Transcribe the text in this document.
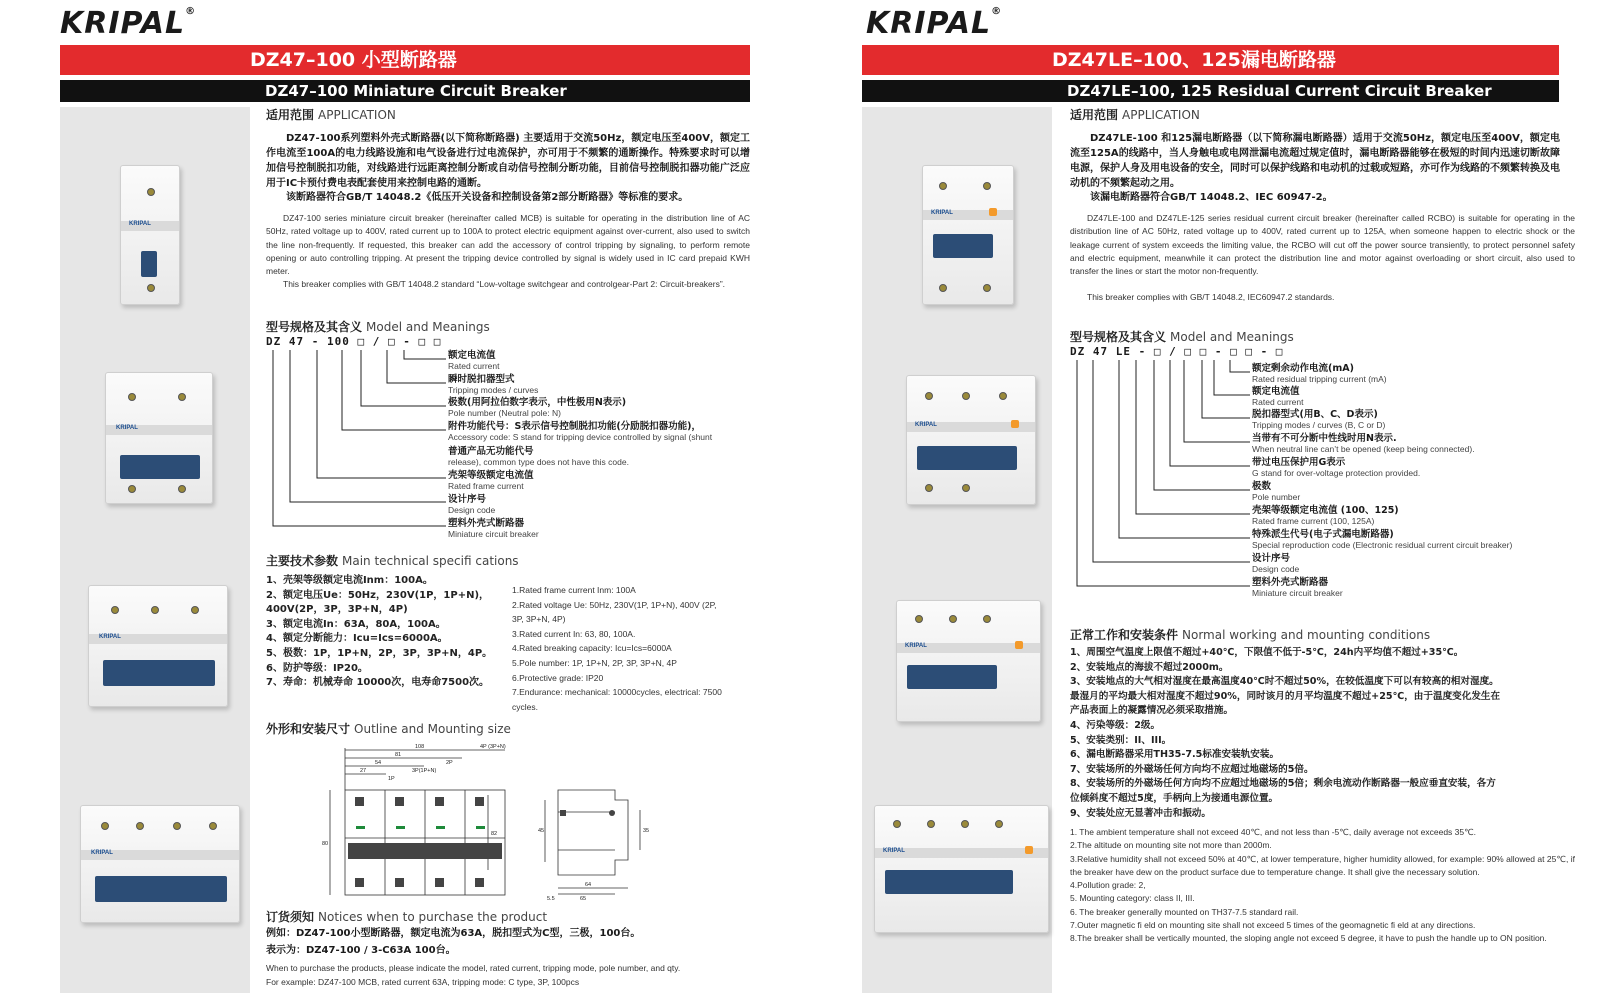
KRIPAL®
DZ47–100 小型断路器
DZ47–100 Miniature Circuit Breaker
KRIPAL
KRIPAL
KRIPAL
KRIPAL
适用范围 APPLICATION
DZ47-100系列塑料外壳式断路器(以下简称断路器) 主要适用于交流50Hz，额定电压至400V，额定工作电流至100A的电力线路设施和电气设备进行过电流保护，亦可用于不频繁的通断操作。特殊要求时可以增加信号控制脱扣功能，对线路进行远距离控制分断或自动信号控制分断功能，目前信号控制脱扣器功能广泛应用于IC卡预付费电表配套使用来控制电路的通断。
该断路器符合GB/T 14048.2《低压开关设备和控制设备第2部分断路器》等标准的要求。
DZ47-100 series miniature circuit breaker (hereinafter called MCB) is suitable for operating in the distribution line of AC 50Hz, rated voltage up to 400V, rated current up to 100A to protect electric equipment against over-current, also used to switch the line non-frequently. If requested, this breaker can add the accessory of control tripping by signaling, to perform remote opening or auto controlling tripping. At present the tripping device controlled by signal is widely used in IC card prepaid KWH meter.
This breaker complies with GB/T 14048.2 standard “Low-voltage switchgear and controlgear-Part 2: Circuit-breakers”.
型号规格及其含义 Model and Meanings
DZ 47 - 100 □ / □ - □ □
额定电流值
Rated current
瞬时脱扣器型式
Tripping modes / curves
极数(用阿拉伯数字表示，中性极用N表示)
Pole number (Neutral pole: N)
附件功能代号：S表示信号控制脱扣功能(分励脱扣器功能)，
Accessory code: S stand for tripping device controlled by signal (shunt
普通产品无功能代号
release), common type does not have this code.
壳架等级额定电流值
Rated frame current
设计序号
Design code
塑料外壳式断路器
Miniature circuit breaker
主要技术参数 Main technical specifi cations
1、壳架等级额定电流Inm：100A。
2、额定电压Ue：50Hz，230V(1P，1P+N)，
400V(2P，3P，3P+N，4P)
3、额定电流In：63A，80A，100A。
4、额定分断能力：Icu=Ics=6000A。
5、极数：1P，1P+N，2P，3P，3P+N，4P。
6、防护等级：IP20。
7、寿命：机械寿命 10000次，电寿命7500次。
1.Rated frame current Inm: 100A
2.Rated voltage Ue: 50Hz, 230V(1P, 1P+N), 400V (2P,
3P, 3P+N, 4P)
3.Rated current In: 63, 80, 100A.
4.Rated breaking capacity: Icu=Ics=6000A
5.Pole number: 1P, 1P+N, 2P, 3P, 3P+N, 4P
6.Protective grade: IP20
7.Endurance: mechanical: 10000cycles, electrical: 7500
cycles.
外形和安装尺寸 Outline and Mounting size
108
81
54
27	3P(1P+N)
2P
4P (3P+N)
1P
80
82
64
65
5.5
45	35
订货须知 Notices when to purchase the product
例如：DZ47-100小型断路器，额定电流为63A，脱扣型式为C型，三极，100台。
表示为：DZ47-100 / 3-C63A 100台。
When to purchase the products, please indicate the model, rated current, tripping mode, pole number, and qty.
For example: DZ47-100 MCB, rated current 63A, tripping mode: C type, 3P, 100pcs
KRIPAL®
DZ47LE–100、125漏电断路器
DZ47LE–100, 125 Residual Current Circuit Breaker
KRIPAL
KRIPAL
KRIPAL
KRIPAL
适用范围 APPLICATION
DZ47LE-100 和125漏电断路器（以下简称漏电断路器）适用于交流50Hz，额定电压至400V，额定电流至125A的线路中，当人身触电或电网泄漏电流超过规定值时，漏电断路器能够在极短的时间内迅速切断故障电源，保护人身及用电设备的安全，同时可以保护线路和电动机的过载或短路，亦可作为线路的不频繁转换及电动机的不频繁起动之用。
该漏电断路器符合GB/T 14048.2、IEC 60947-2。
DZ47LE-100 and DZ47LE-125 series residual current circuit breaker (hereinafter called RCBO) is suitable for operating in the distribution line of AC 50Hz, rated voltage up to 400V, rated current up to 125A, when someone happen to electric shock or the leakage current of system exceeds the limiting value, the RCBO will cut off the power source transiently, to protect personnel safety and electric equipment, meanwhile it can protect the distribution line and motor against overloading or short circuit, also used to transfer the lines or start the motor non-frequently.
This breaker complies with GB/T 14048.2, IEC60947.2 standards.
型号规格及其含义 Model and Meanings
DZ 47 LE - □ / □ □ - □ □ - □
额定剩余动作电流(mA)
Rated residual tripping current (mA)
额定电流值
Rated current
脱扣器型式(用B、C、D表示)
Tripping modes / curves (B, C or D)
当带有不可分断中性线时用N表示.
When neutral line can’t be opened (keep being connected).
带过电压保护用G表示
G stand for over-voltage protection provided.
极数
Pole number
壳架等级额定电流值 (100、125)
Rated frame current (100, 125A)
特殊派生代号(电子式漏电断路器)
Special reproduction code (Electronic residual current circuit breaker)
设计序号
Design code
塑料外壳式断路器
Miniature circuit breaker
正常工作和安装条件 Normal working and mounting conditions
1、周围空气温度上限值不超过+40℃，下限值不低于-5℃，24h内平均值不超过+35℃。
2、安装地点的海拔不超过2000m。
3、安装地点的大气相对湿度在最高温度40℃时不超过50%，在较低温度下可以有较高的相对湿度。
最湿月的平均最大相对湿度不超过90%，同时该月的月平均温度不超过+25℃，由于温度变化发生在
产品表面上的凝露情况必须采取措施。
4、污染等级：2级。
5、安装类别：II、III。
6、漏电断路器采用TH35-7.5标准安装轨安装。
7、安装场所的外磁场任何方向均不应超过地磁场的5倍。
8、安装场所的外磁场任何方向均不应超过地磁场的5倍；剩余电流动作断路器一般应垂直安装，各方
位倾斜度不超过5度，手柄向上为接通电源位置。
9、安装处应无显著冲击和振动。
1. The ambient temperature shall not exceed 40℃, and not less than -5℃, daily average not exceeds 35℃.
2.The altitude on mounting site not more than 2000m.
3.Relative humidity shall not exceed 50% at 40℃, at lower temperature, higher humidity allowed, for example: 90% allowed at 25℃, if the breaker have dew on the product surface due to temperature change. It shall give the necessary solution.
4.Pollution grade: 2,
5. Mounting category: class II, III.
6. The breaker generally mounted on TH37-7.5 standard rail.
7.Outer magnetic fi eld on mounting site shall not exceed 5 times of the geomagnetic fi eld at any directions.
8.The breaker shall be vertically mounted, the sloping angle not exceed 5 degree, it have to push the handle up to ON position.
